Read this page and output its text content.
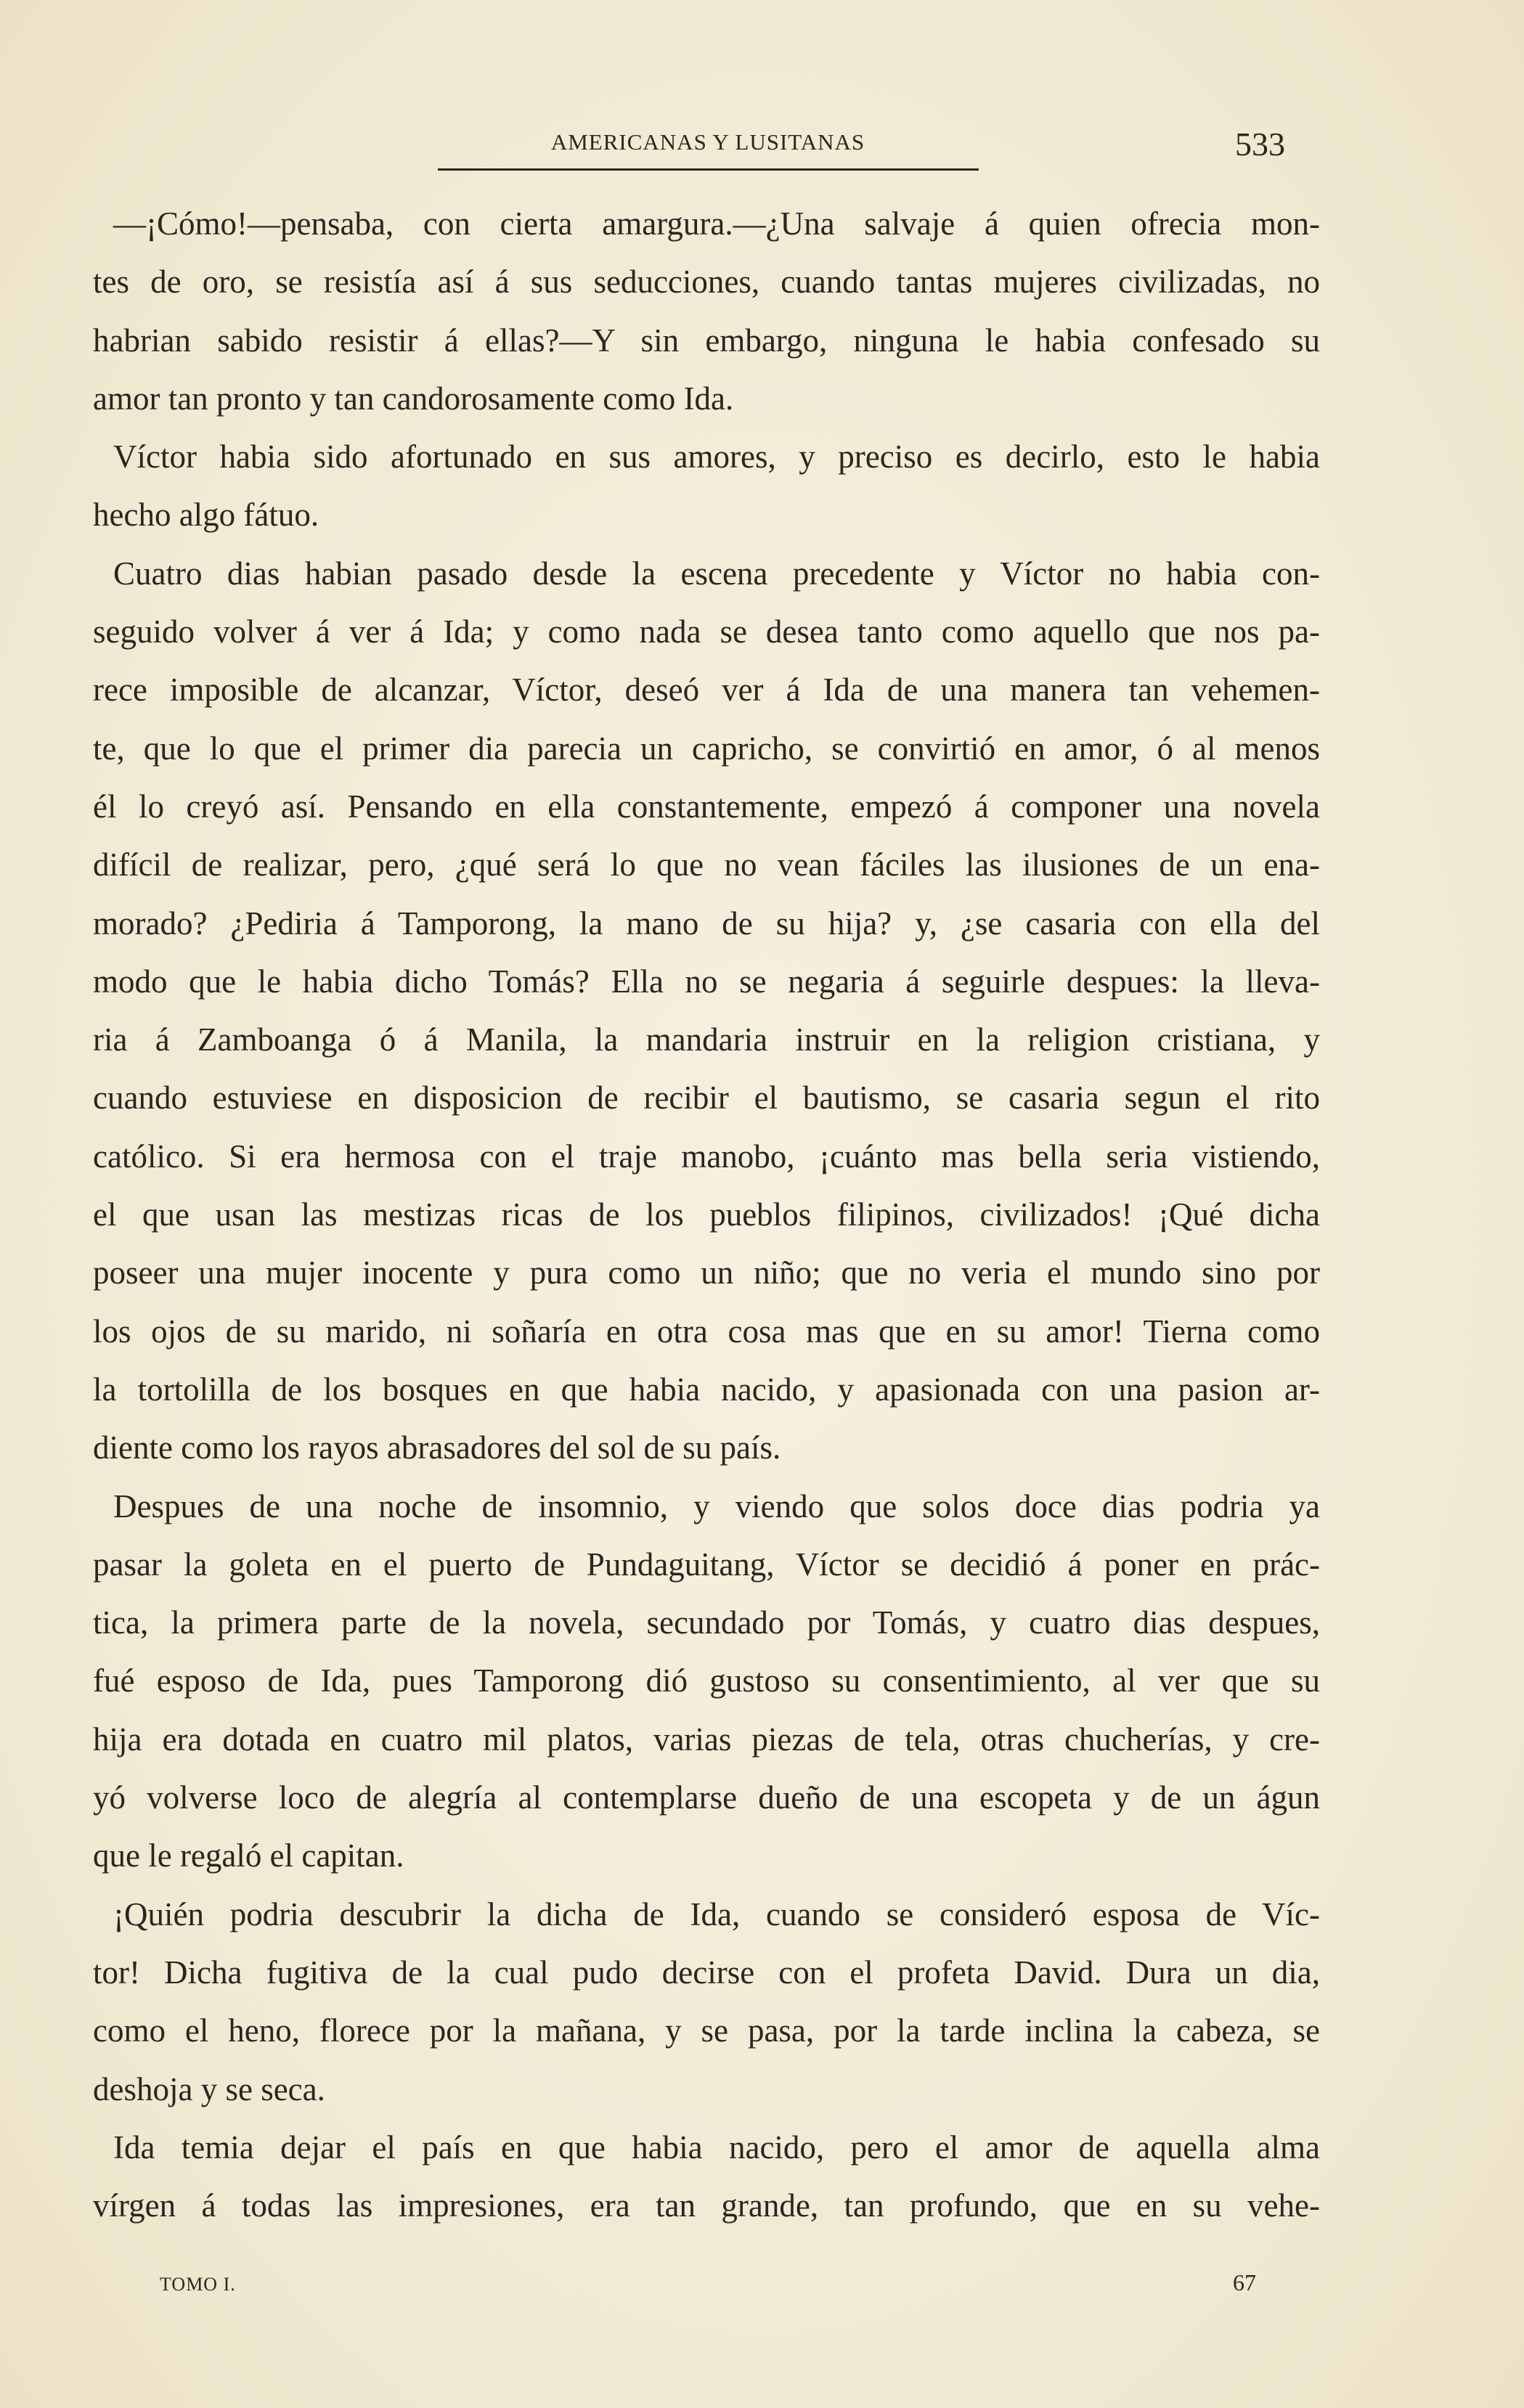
AMERICANAS Y LUSITANAS	533
—¡Cómo!—pensaba, con cierta amargura.—¿Una salvaje á quien ofrecia mon-
tes de oro, se resistía así á sus seducciones, cuando tantas mujeres civilizadas, no
habrian sabido resistir á ellas?—Y sin embargo, ninguna le habia confesado su
amor tan pronto y tan candorosamente como Ida.
Víctor habia sido afortunado en sus amores, y preciso es decirlo, esto le habia
hecho algo fátuo.
Cuatro dias habian pasado desde la escena precedente y Víctor no habia con-
seguido volver á ver á Ida; y como nada se desea tanto como aquello que nos pa-
rece imposible de alcanzar, Víctor, deseó ver á Ida de una manera tan vehemen-
te, que lo que el primer dia parecia un capricho, se convirtió en amor, ó al menos
él lo creyó así. Pensando en ella constantemente, empezó á componer una novela
difícil de realizar, pero, ¿qué será lo que no vean fáciles las ilusiones de un ena-
morado? ¿Pediria á Tamporong, la mano de su hija? y, ¿se casaria con ella del
modo que le habia dicho Tomás? Ella no se negaria á seguirle despues: la lleva-
ria á Zamboanga ó á Manila, la mandaria instruir en la religion cristiana, y
cuando estuviese en disposicion de recibir el bautismo, se casaria segun el rito
católico. Si era hermosa con el traje manobo, ¡cuánto mas bella seria vistiendo,
el que usan las mestizas ricas de los pueblos filipinos, civilizados! ¡Qué dicha
poseer una mujer inocente y pura como un niño; que no veria el mundo sino por
los ojos de su marido, ni soñaría en otra cosa mas que en su amor! Tierna como
la tortolilla de los bosques en que habia nacido, y apasionada con una pasion ar-
diente como los rayos abrasadores del sol de su país.
Despues de una noche de insomnio, y viendo que solos doce dias podria ya
pasar la goleta en el puerto de Pundaguitang, Víctor se decidió á poner en prác-
tica, la primera parte de la novela, secundado por Tomás, y cuatro dias despues,
fué esposo de Ida, pues Tamporong dió gustoso su consentimiento, al ver que su
hija era dotada en cuatro mil platos, varias piezas de tela, otras chucherías, y cre-
yó volverse loco de alegría al contemplarse dueño de una escopeta y de un águn
que le regaló el capitan.
¡Quién podria descubrir la dicha de Ida, cuando se consideró esposa de Víc-
tor! Dicha fugitiva de la cual pudo decirse con el profeta David. Dura un dia,
como el heno, florece por la mañana, y se pasa, por la tarde inclina la cabeza, se
deshoja y se seca.
Ida temia dejar el país en que habia nacido, pero el amor de aquella alma
vírgen á todas las impresiones, era tan grande, tan profundo, que en su vehe-
TOMO I.	67
